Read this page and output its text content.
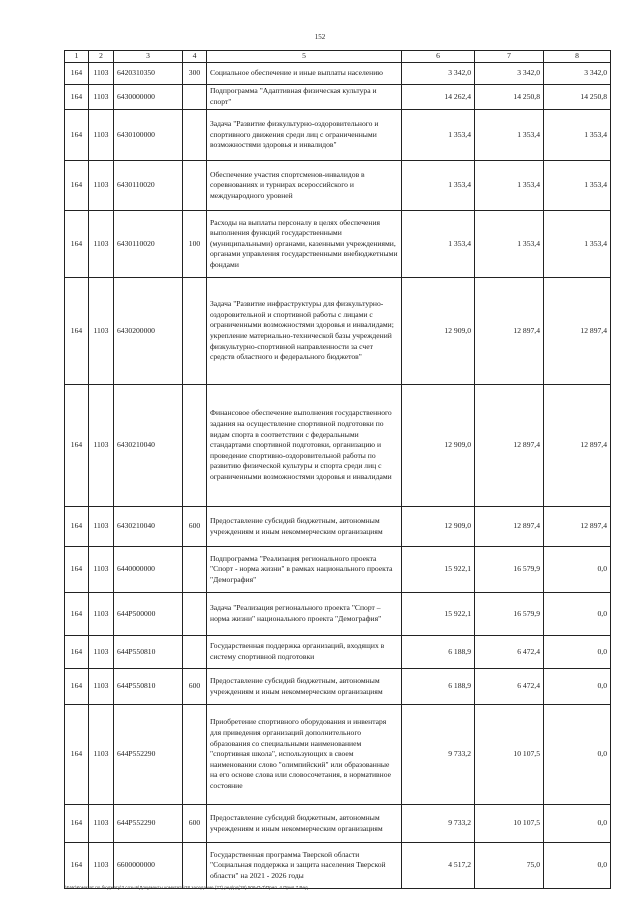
152
1	2	3	4	5	6	7	8
164	1103	6420310350	300	Социальное обеспечение и иные выплаты населению	3 342,0	3 342,0	3 342,0
164	1103	6430000000		Подпрограмма "Адаптивная физическая культура и спорт"	14 262,4	14 250,8	14 250,8
164	1103	6430100000		Задача "Развитие физкультурно-оздоровительного и спортивного движения среди лиц с ограниченными возможностями здоровья и инвалидов"	1 353,4	1 353,4	1 353,4
164	1103	6430110020		Обеспечение участия спортсменов-инвалидов в соревнованиях и турнирах всероссийского и международного уровней	1 353,4	1 353,4	1 353,4
164	1103	6430110020	100	Расходы на выплаты персоналу в целях обеспечения выполнения функций государственными (муниципальными) органами, казенными учреждениями, органами управления государственными внебюджетными фондами	1 353,4	1 353,4	1 353,4
164	1103	6430200000		Задача "Развитие инфраструктуры для физкультурно-оздоровительной и спортивной работы с лицами с ограниченными возможностями здоровья и инвалидами; укрепление материально-технической базы учреждений физкультурно-спортивной направленности за счет средств областного и федерального бюджетов"	12 909,0	12 897,4	12 897,4
164	1103	6430210040		Финансовое обеспечение выполнения государственного задания на осуществление спортивной подготовки по видам спорта в соответствии с федеральными стандартами спортивной подготовки, организацию и проведение спортивно-оздоровительной работы по развитию физической культуры и спорта среди лиц с ограниченными возможностями здоровья и инвалидами	12 909,0	12 897,4	12 897,4
164	1103	6430210040	600	Предоставление субсидий бюджетным, автономным учреждениям и иным некоммерческим организациям	12 909,0	12 897,4	12 897,4
164	1103	6440000000		Подпрограмма "Реализация регионального проекта "Спорт - норма жизни" в рамках национального проекта "Демография"	15 922,1	16 579,9	0,0
164	1103	644P500000		Задача "Реализация регионального проекта "Спорт – норма жизни" национального проекта "Демография"	15 922,1	16 579,9	0,0
164	1103	644P550810		Государственная поддержка организаций, входящих в систему спортивной подготовки	6 188,9	6 472,4	0,0
164	1103	644P550810	600	Предоставление субсидий бюджетным, автономным учреждениям и иным некоммерческим организациям	6 188,9	6 472,4	0,0
164	1103	644P552290		Приобретение спортивного оборудования и инвентаря для приведения организаций дополнительного образования со специальными наименованием "спортивная школа", использующих в своем наименовании слово "олимпийский" или образованные на его основе слова или словосочетания, в нормативное состояние	9 733,2	10 107,5	0,0
164	1103	644P552290	600	Предоставление субсидий бюджетным, автономным учреждениям и иным некоммерческим организациям	9 733,2	10 107,5	0,0
164	1103	6600000000		Государственная программа Тверской области "Социальная поддержка и защита населения Тверской области" на 2021 - 2026 годы	4 517,2	75,0	0,0
\\FAK\Комитет по бюджету\3 созыв\Документы комитета\28 заседание (27) ред\рд(28) 506-П-7\Прил. 4 Прил 7 Вед
